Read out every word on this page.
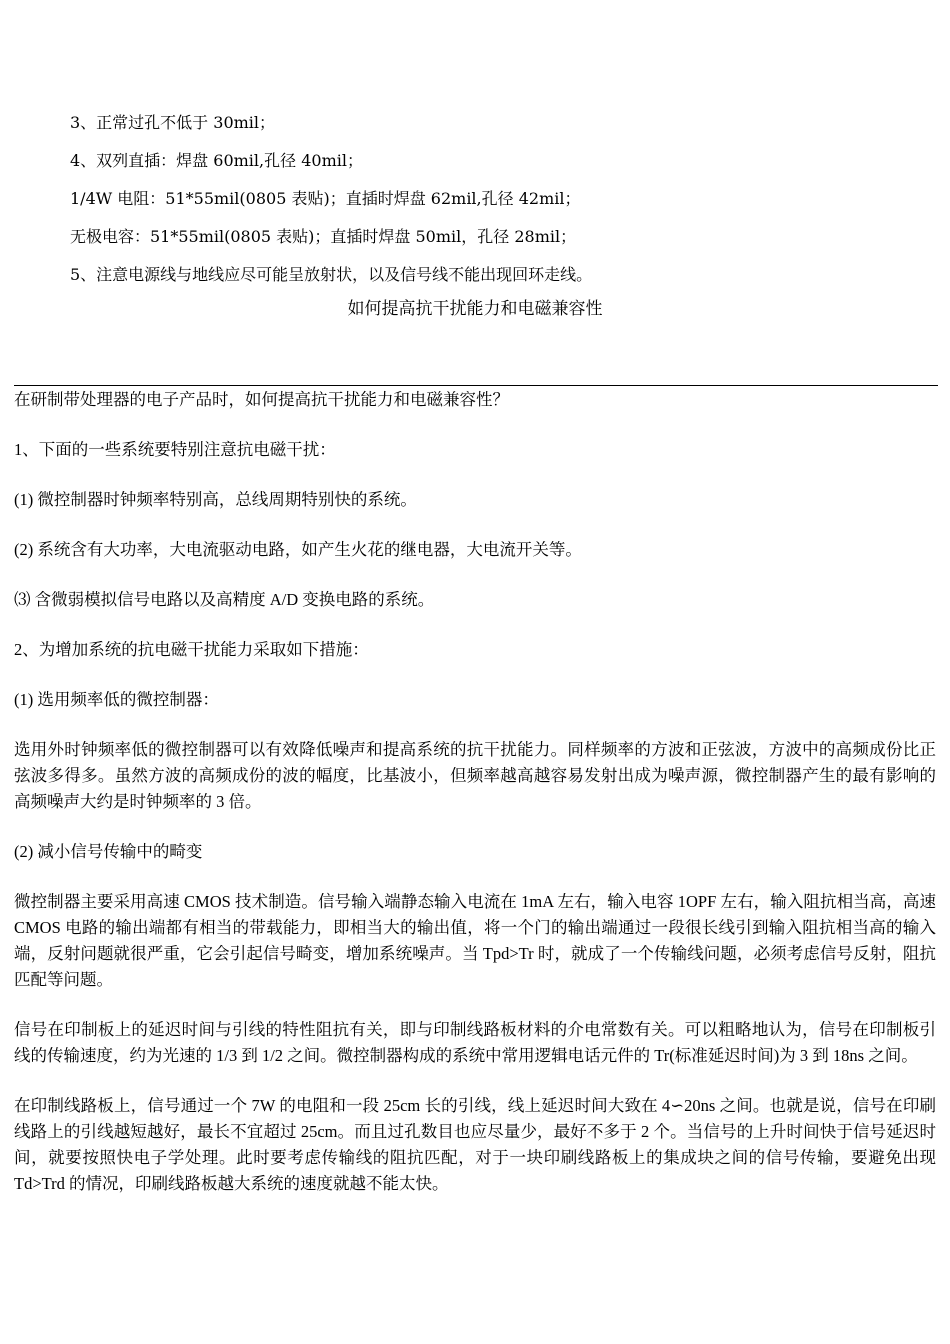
3、正常过孔不低于 30mil；
4、双列直插：焊盘 60mil,孔径 40mil；
1/4W 电阻：51*55mil(0805 表贴)；直插时焊盘 62mil,孔径 42mil；
无极电容：51*55mil(0805 表贴)；直插时焊盘 50mil，孔径 28mil；
5、注意电源线与地线应尽可能呈放射状，以及信号线不能出现回环走线。
如何提高抗干扰能力和电磁兼容性

在研制带处理器的电子产品时，如何提高抗干扰能力和电磁兼容性？

1、下面的一些系统要特别注意抗电磁干扰：

(1) 微控制器时钟频率特别高，总线周期特别快的系统。

(2) 系统含有大功率，大电流驱动电路，如产生火花的继电器，大电流开关等。

⑶ 含微弱模拟信号电路以及高精度 A/D 变换电路的系统。

2、为增加系统的抗电磁干扰能力采取如下措施：

(1) 选用频率低的微控制器：

选用外时钟频率低的微控制器可以有效降低噪声和提高系统的抗干扰能力。同样频率的方波和正弦波，方波中的高频成份比正弦波多得多。虽然方波的高频成份的波的幅度，比基波小，但频率越高越容易发射出成为噪声源，微控制器产生的最有影响的高频噪声大约是时钟频率的 3 倍。

(2) 减小信号传输中的畸变

微控制器主要采用高速 CMOS 技术制造。信号输入端静态输入电流在 1mA 左右，输入电容 1OPF 左右，输入阻抗相当高，高速 CMOS 电路的输出端都有相当的带载能力，即相当大的输出值，将一个门的输出端通过一段很长线引到输入阻抗相当高的输入端，反射问题就很严重，它会引起信号畸变，增加系统噪声。当 Tpd>Tr 时，就成了一个传输线问题，必须考虑信号反射，阻抗匹配等问题。

信号在印制板上的延迟时间与引线的特性阻抗有关，即与印制线路板材料的介电常数有关。可以粗略地认为，信号在印制板引线的传输速度，约为光速的 1/3 到 1/2 之间。微控制器构成的系统中常用逻辑电话元件的 Tr(标准延迟时间)为 3 到 18ns 之间。

在印制线路板上，信号通过一个 7W 的电阻和一段 25cm 长的引线，线上延迟时间大致在 4∽20ns 之间。也就是说，信号在印刷线路上的引线越短越好，最长不宜超过 25cm。而且过孔数目也应尽量少，最好不多于 2 个。当信号的上升时间快于信号延迟时间，就要按照快电子学处理。此时要考虑传输线的阻抗匹配，对于一块印刷线路板上的集成块之间的信号传输，要避免出现 Td>Trd 的情况，印刷线路板越大系统的速度就越不能太快。
